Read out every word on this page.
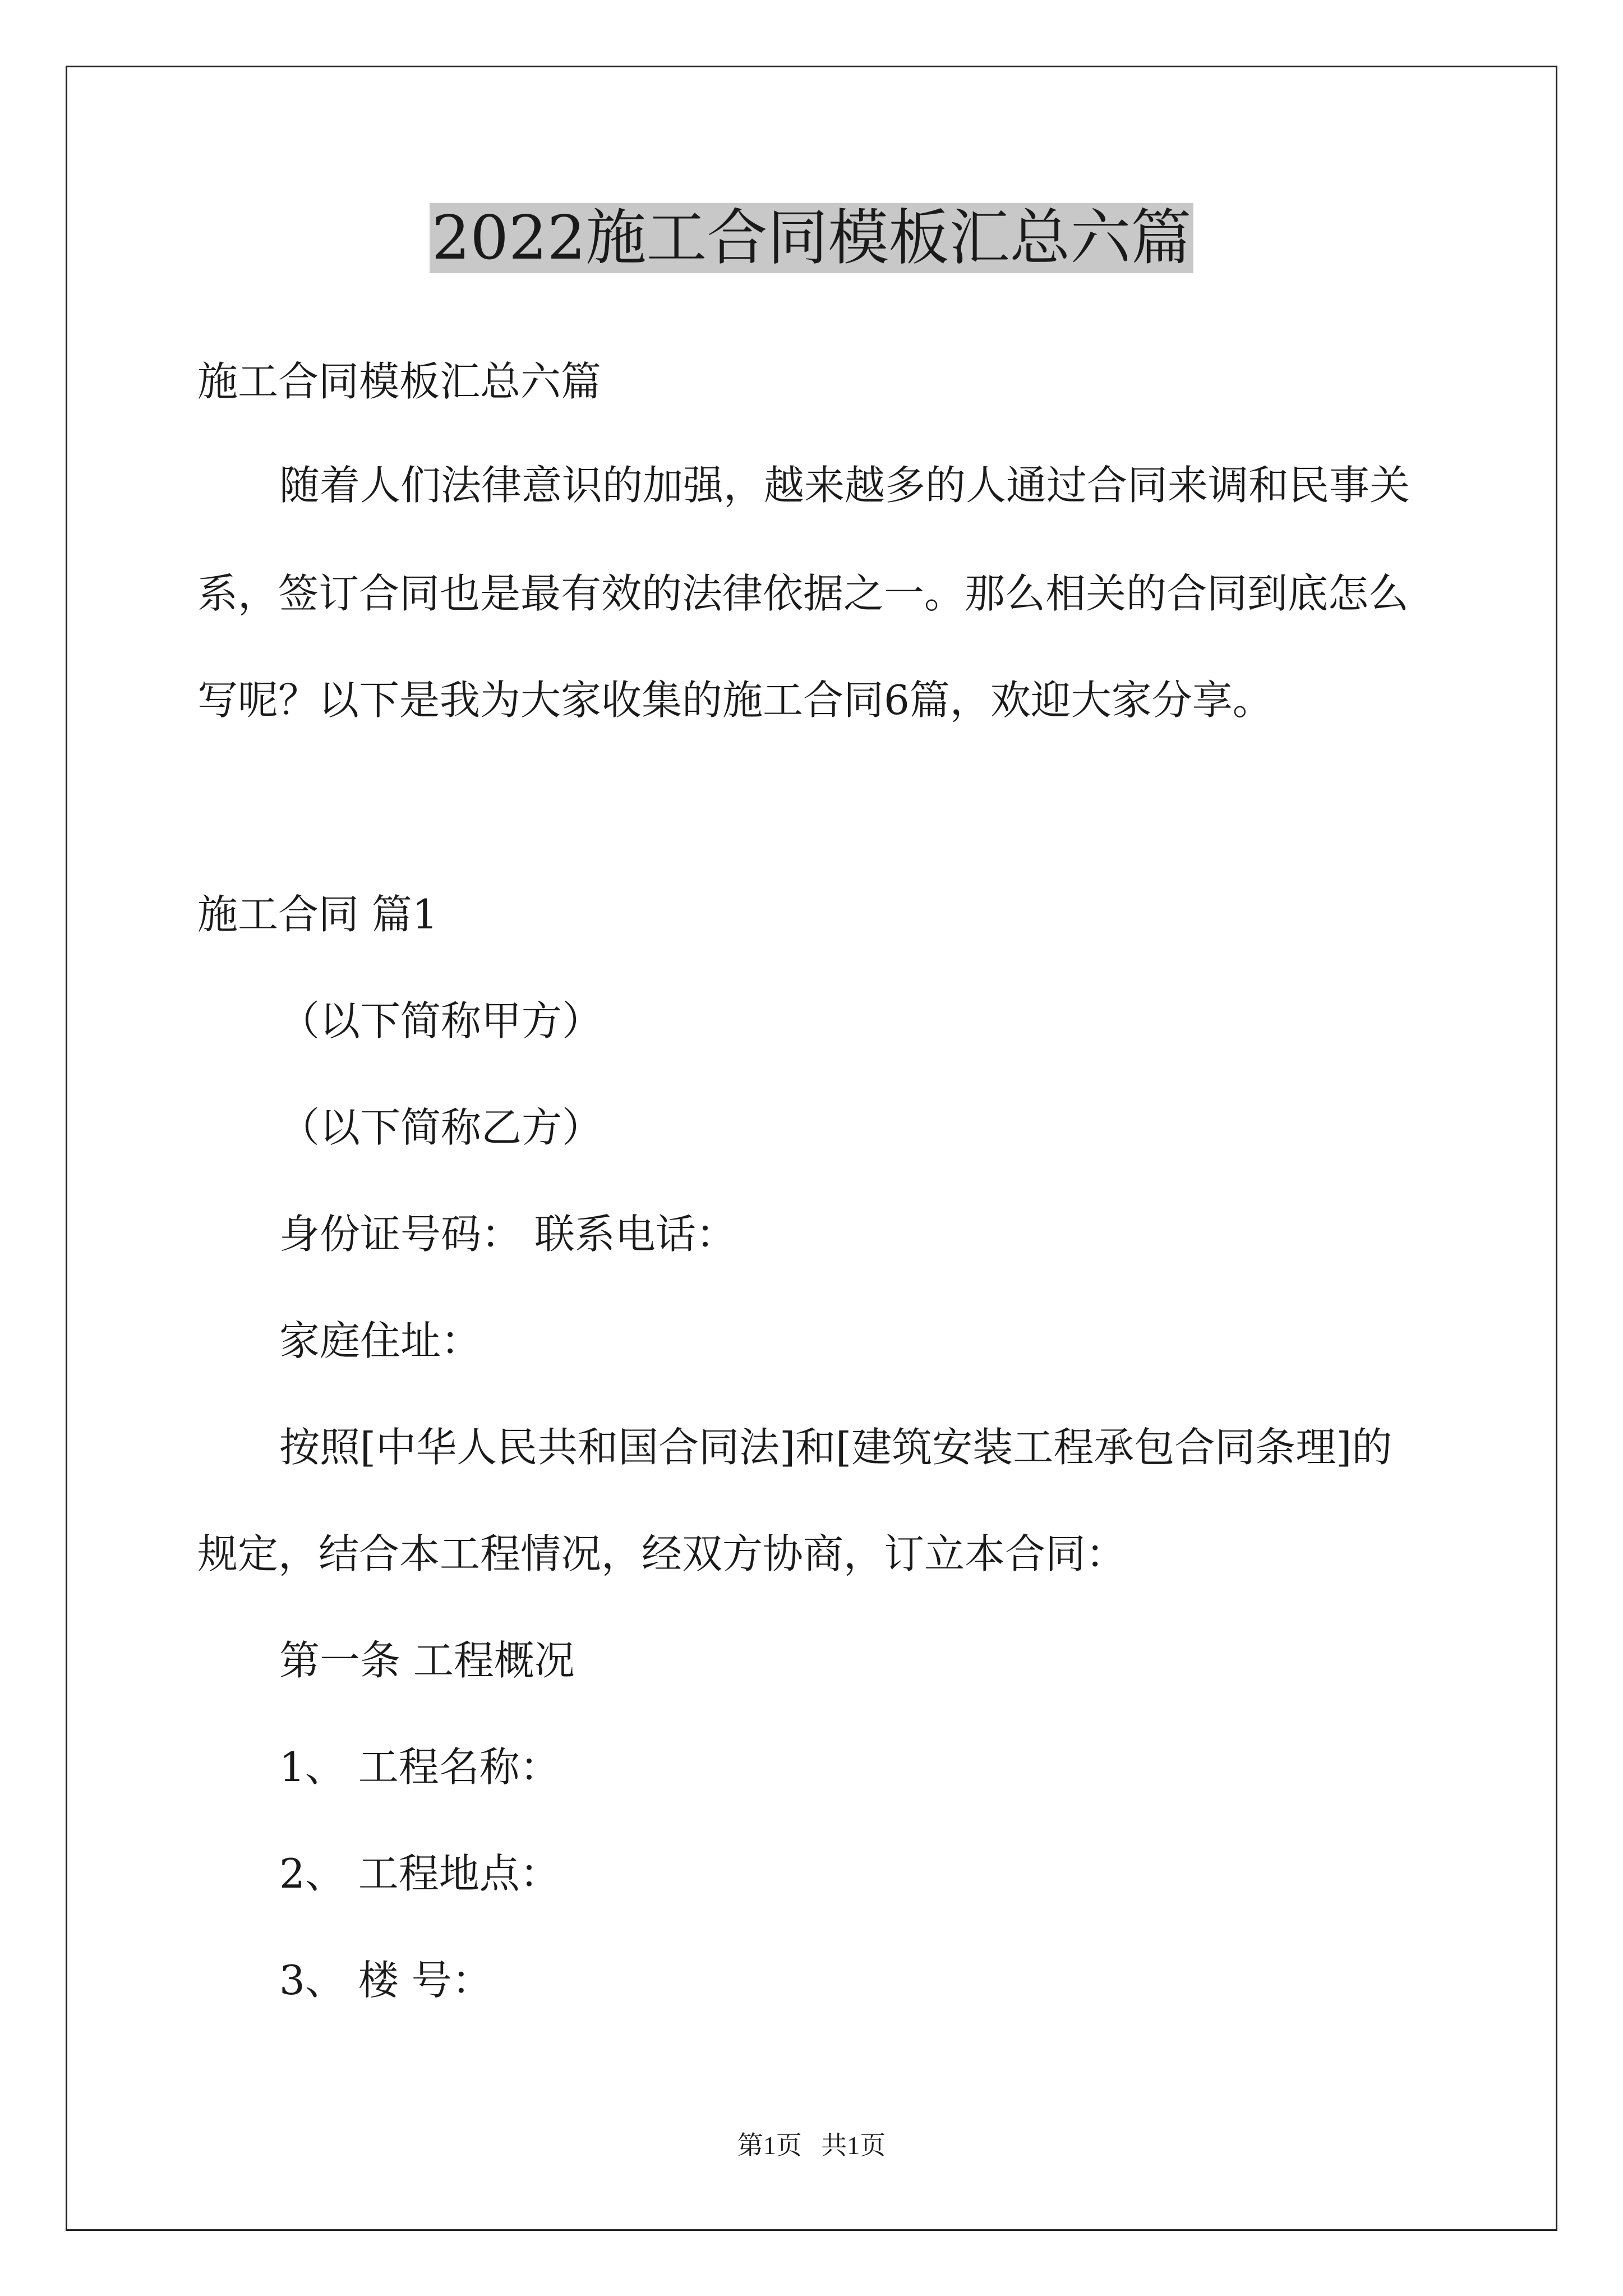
2022施工合同模板汇总六篇
施工合同模板汇总六篇
随着人们法律意识的加强，越来越多的人通过合同来调和民事关
系，签订合同也是最有效的法律依据之一。那么相关的合同到底怎么
写呢？以下是我为大家收集的施工合同6篇，欢迎大家分享。
施工合同 篇1
（以下简称甲方）
（以下简称乙方）
身份证号码： 联系电话：
家庭住址：
按照[中华人民共和国合同法]和[建筑安装工程承包合同条理]的
规定，结合本工程情况，经双方协商，订立本合同：
第一条 工程概况
1、 工程名称：
2、 工程地点：
3、 楼 号：
第1页   共1页
